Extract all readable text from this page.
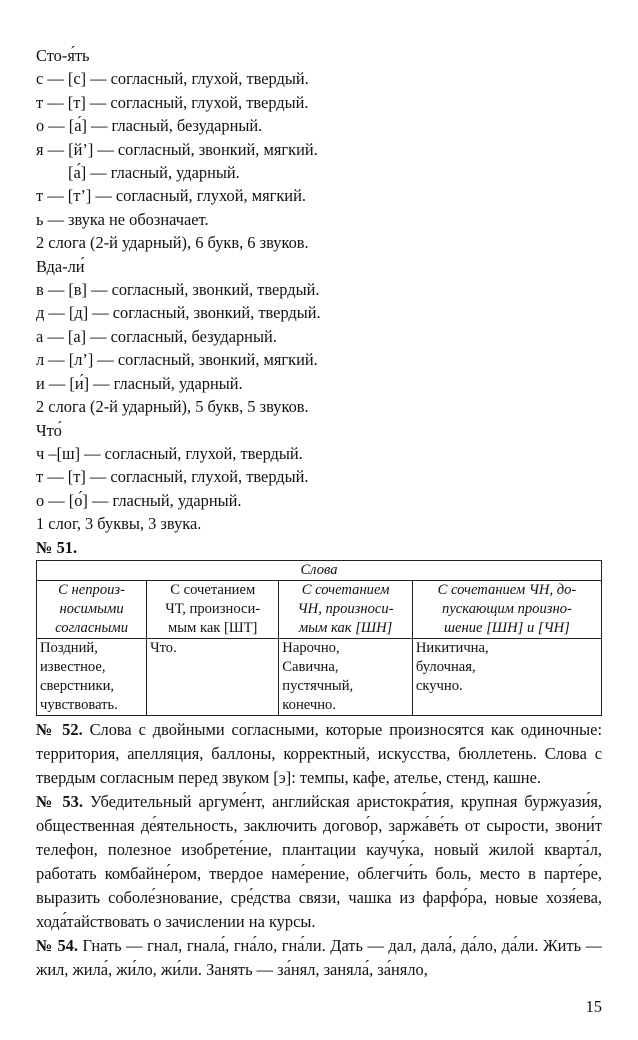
Сто-я́ть
с — [с] — согласный, глухой, твердый.
т — [т] — согласный, глухой, твердый.
о — [а́] — гласный, безударный.
я — [й’] — согласный, звонкий, мягкий.
[а́] — гласный, ударный.
т — [т’] — согласный, глухой, мягкий.
ь — звука не обозначает.
2 слога (2-й ударный), 6 букв, 6 звуков.
Вда-ли́
в — [в] — согласный, звонкий, твердый.
д — [д] — согласный, звонкий, твердый.
а — [а] — согласный, безударный.
л — [л’] — согласный, звонкий, мягкий.
и — [и́] — гласный, ударный.
2 слога (2-й ударный), 5 букв, 5 звуков.
Что́
ч –[ш] — согласный, глухой, твердый.
т — [т] — согласный, глухой, твердый.
о — [о́] — гласный, ударный.
1 слог, 3 буквы, 3 звука.
№ 51.
Слова			

С непроиз-
носимыми
согласными	С сочетанием
ЧТ, произноси-
мым как [ШТ]	С сочетанием
ЧН, произноси-
мым как [ШН]	С сочетанием ЧН, до-
пускающим произно-
шение [ШН] и [ЧН]

Поздний,
известное,
сверстники,
чувствовать.	Что.	Нарочно,
Савична,
пустячный,
конечно.	Никитична,
булочная,
скучно.
№ 52. Слова с двойными согласными, которые произносятся как одиночные: территория, апелляция, баллоны, корректный, искусства, бюллетень. Слова с твердым согласным перед звуком [э]: темпы, кафе, ателье, стенд, кашне.
№ 53. Убедительный аргуме́нт, английская аристокра́тия, крупная буржуази́я, общественная де́ятельность, заключить догово́р, заржа́ве́ть от сырости, звони́т телефон, полезное изобрете́ние, плантации каучу́ка, новый жилой кварта́л, работать комбайне́ром, твердое наме́рение, облегчи́ть боль, место в парте́ре, выразить соболе́знование, сре́дства связи, чашка из фарфо́ра, новые хозя́ева, хода́тайствовать о зачислении на курсы.
№ 54. Гнать — гнал, гнала́, гна́ло, гна́ли. Дать — дал, дала́, да́ло, да́ли. Жить — жил, жила́, жи́ло, жи́ли. Занять — за́нял, заняла́, за́няло,
15
